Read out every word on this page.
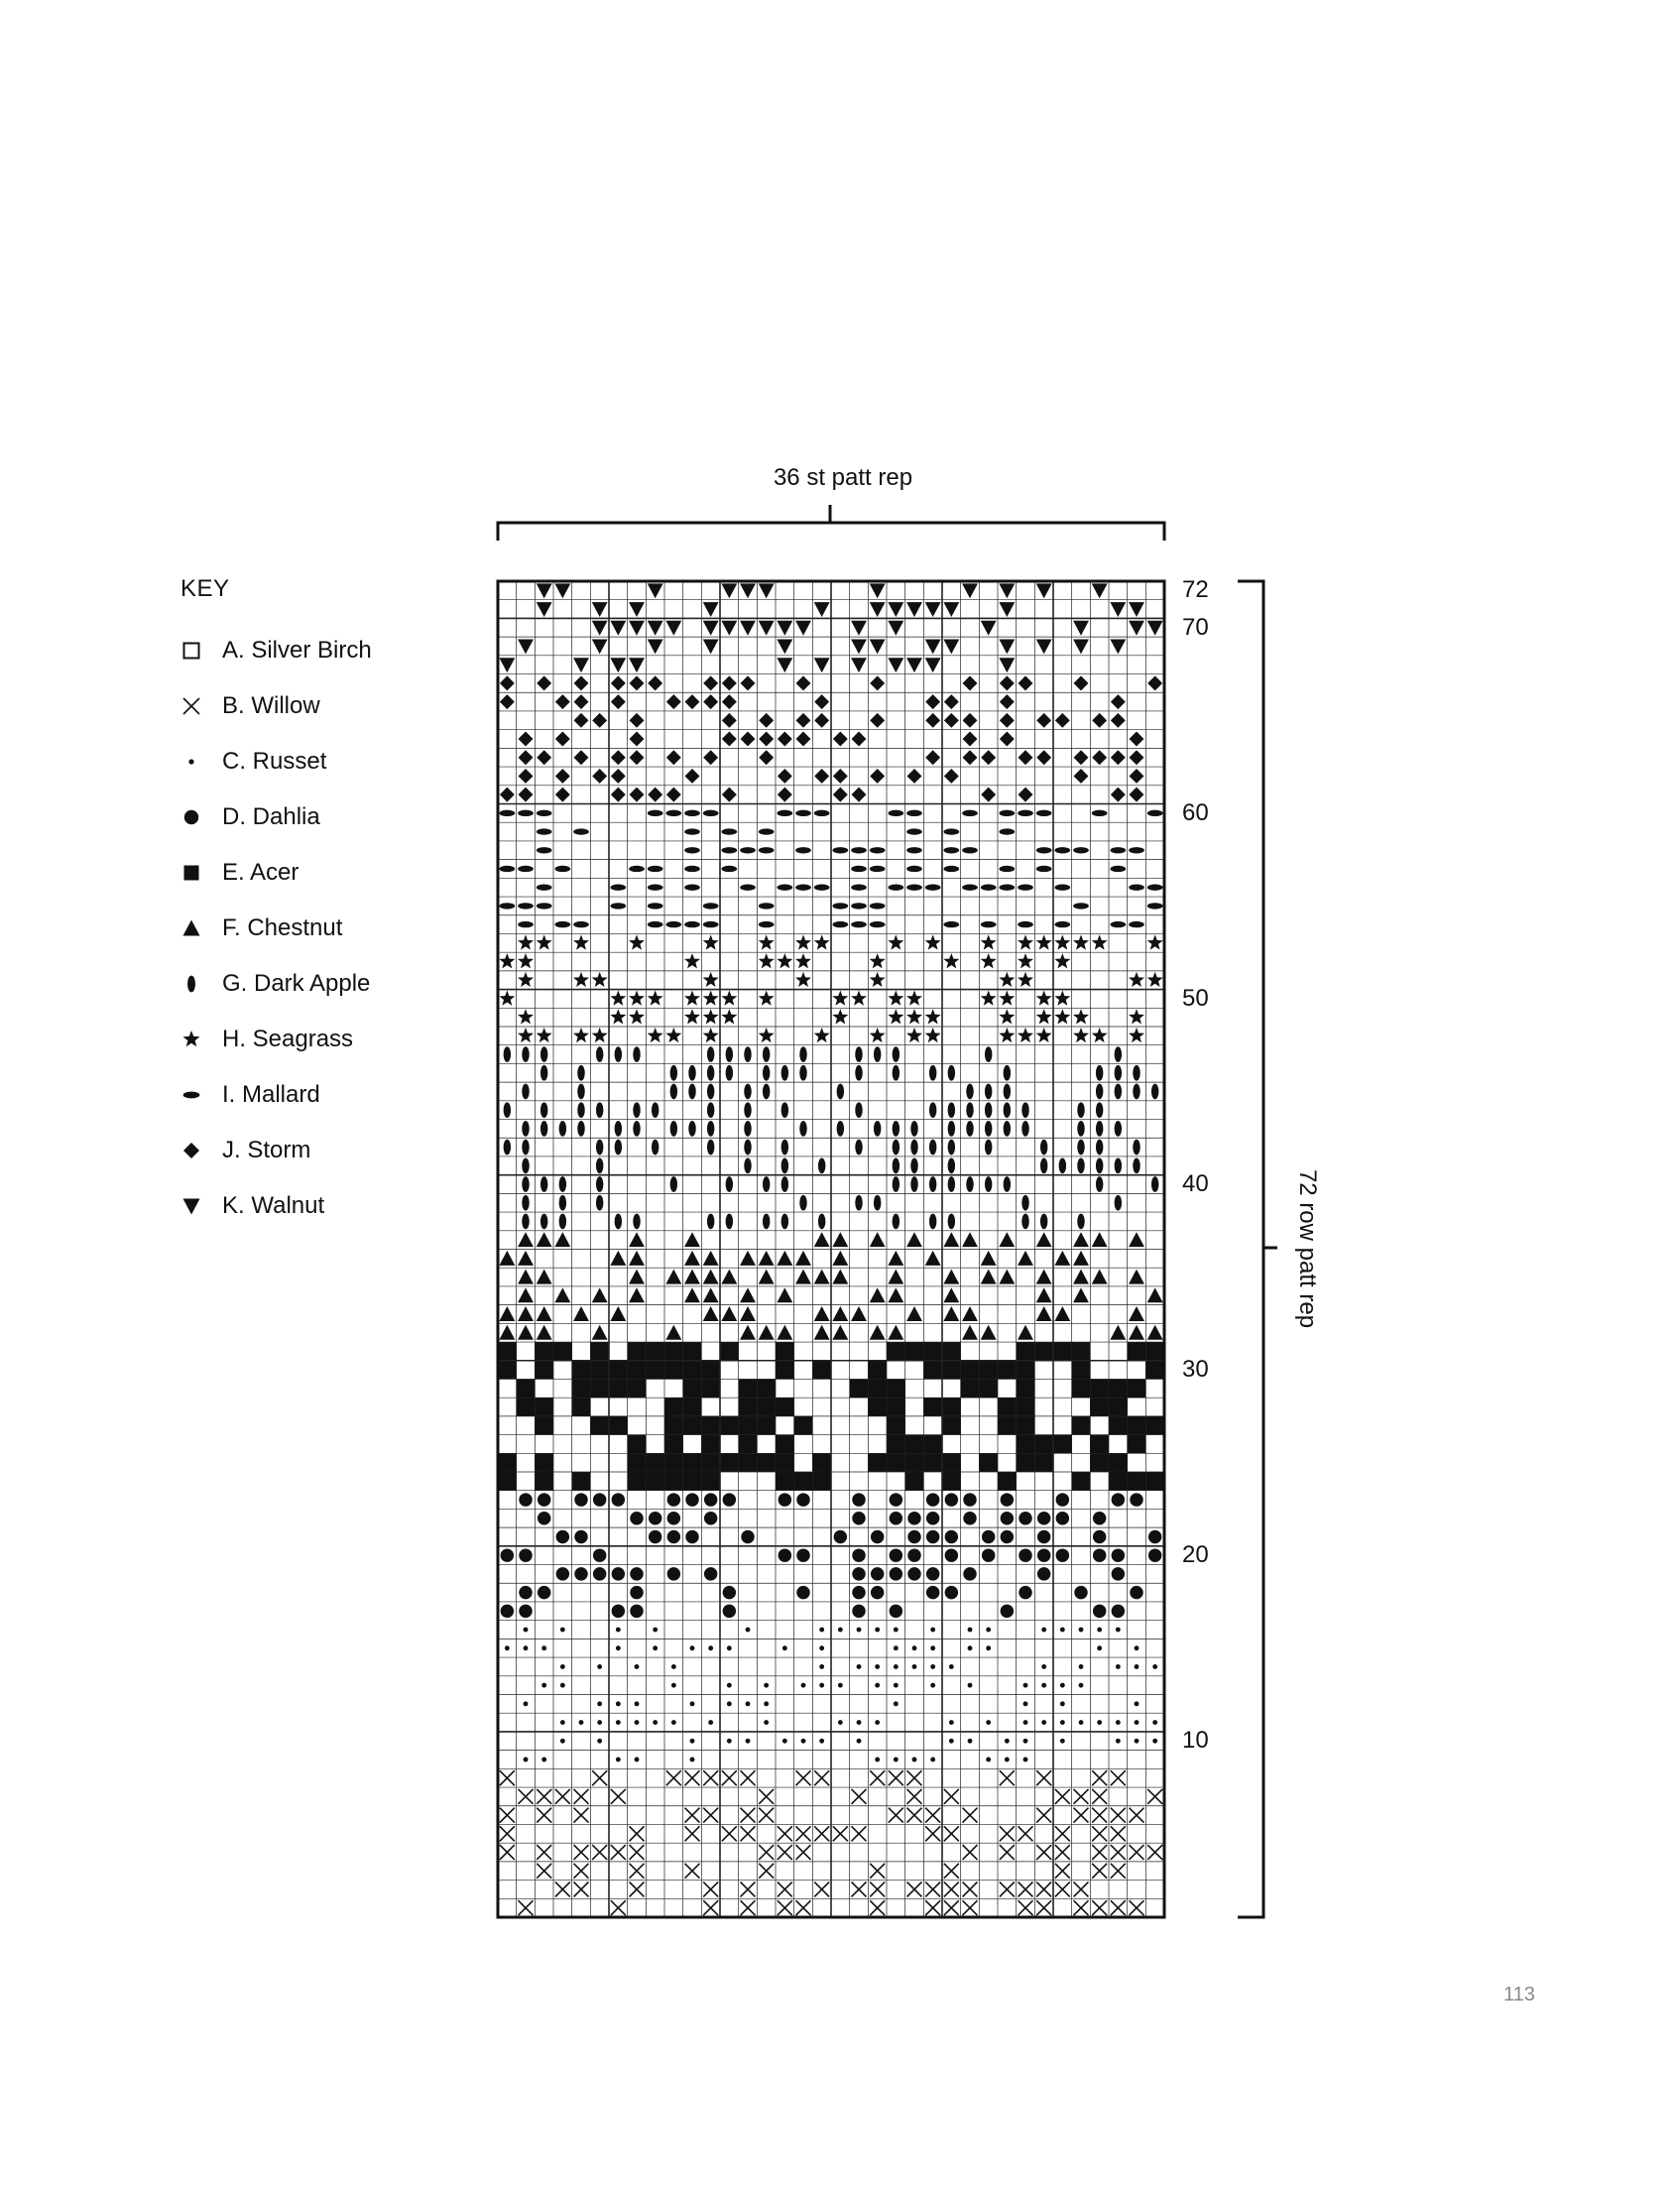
36 st patt rep
KEY
A. Silver Birch
B. Willow
C. Russet
D. Dahlia
E. Acer
F. Chestnut
G. Dark Apple
H. Seagrass
I. Mallard
J. Storm
K. Walnut
72
70
60
50
40
30
20
10
72 row patt rep
113
